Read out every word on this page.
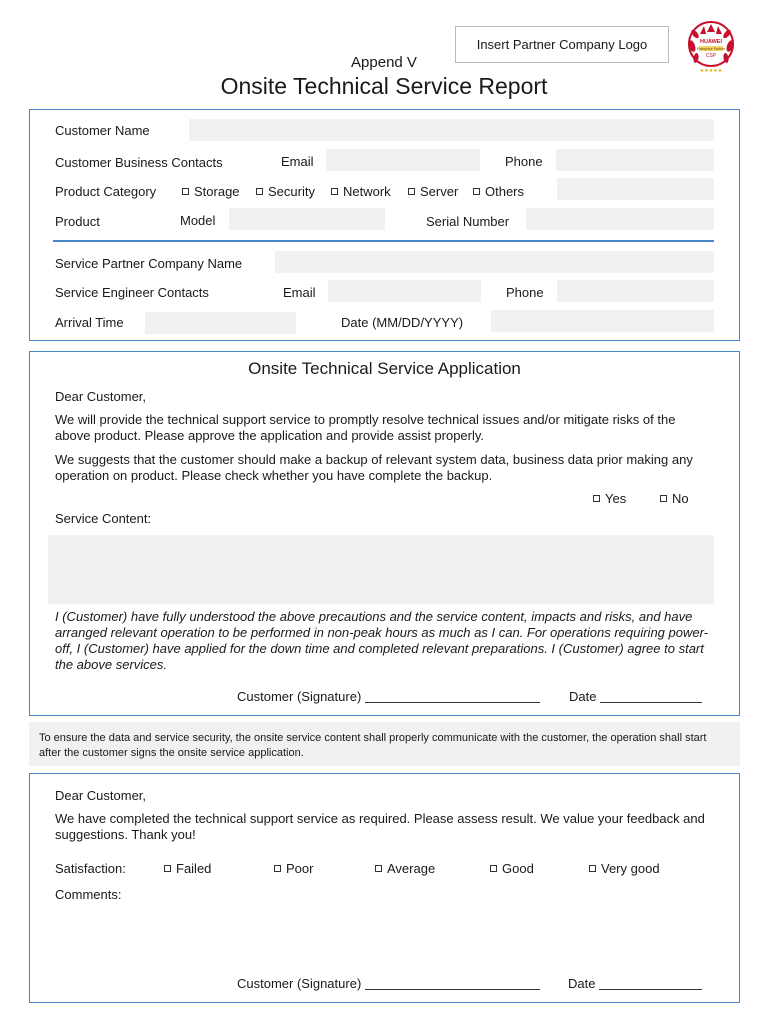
Insert Partner Company Logo	HUAWEI
Enterprise Partner
CSP
★★★★★
Append V
Onsite Technical Service Report
Customer Name
Customer Business Contacts	Email	Phone
Product Category	Storage	Security	Network	Server	Others
Product	Model	Serial Number
Service Partner Company Name
Service Engineer Contacts	Email	Phone
Arrival Time	Date (MM/DD/YYYY)
Onsite Technical Service Application
Dear Customer,
We will provide the technical support service to promptly resolve technical issues and/or mitigate risks of the above product. Please approve the application and provide assist properly.
We suggests that the customer should make a backup of relevant system data, business data prior making any operation on product. Please check whether you have complete the backup.
Yes	No
Service Content:
I (Customer) have fully understood the above precautions and the service content, impacts and risks, and have arranged relevant operation to be performed in non-peak hours as much as I can. For operations requiring power-off, I (Customer) have applied for the down time and completed relevant preparations. I (Customer) agree to start the above services.
Customer (Signature)	Date
To ensure the data and service security, the onsite service content shall properly communicate with the customer, the operation shall start after the customer signs the onsite service application.
Dear Customer,
We have completed the technical support service as required. Please assess result. We value your feedback and suggestions. Thank you!
Satisfaction:	Failed	Poor	Average	Good	Very good
Comments:
Customer (Signature)	Date
